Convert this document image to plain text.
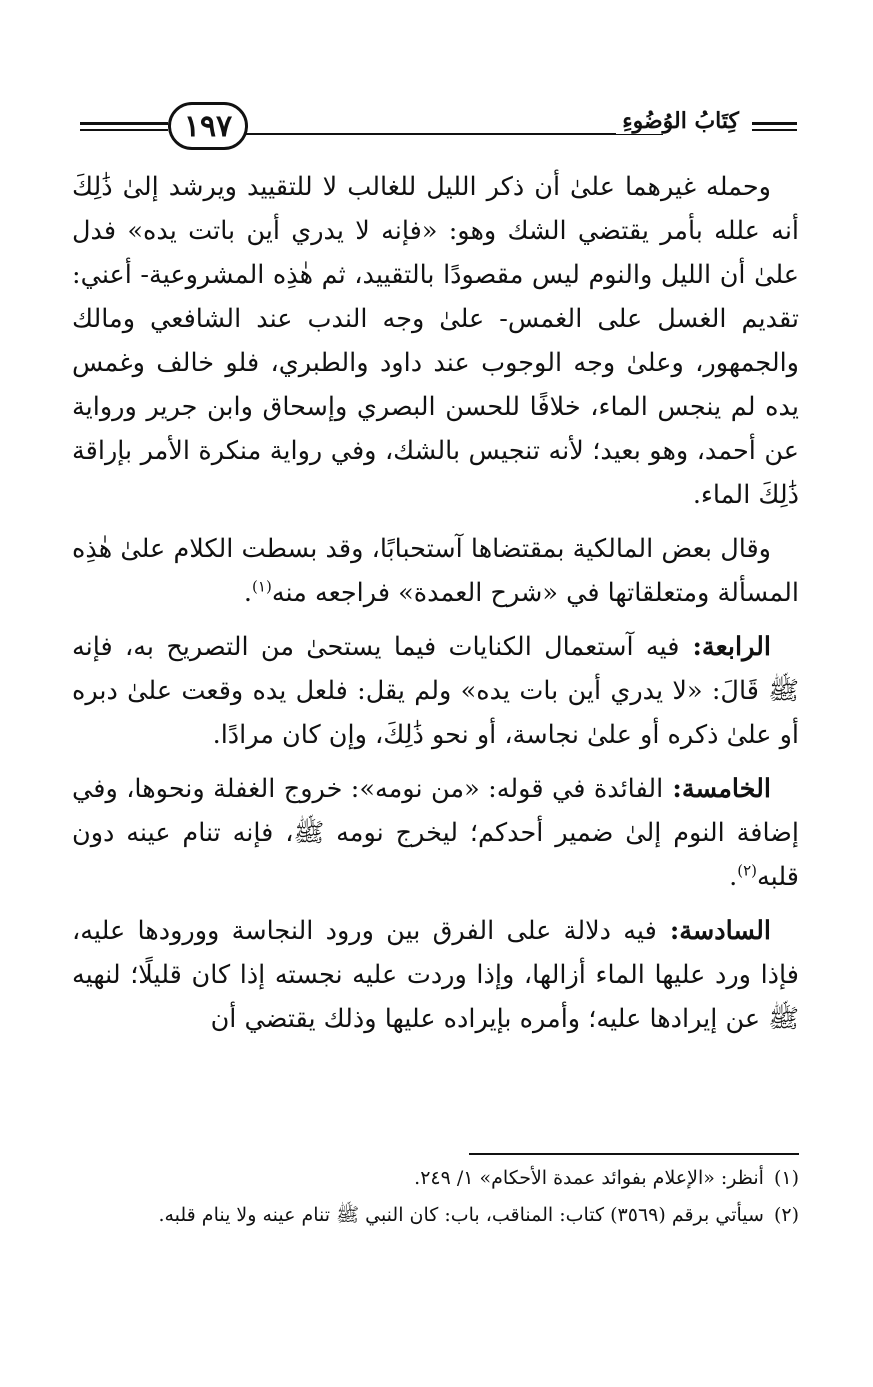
١٩٧	كِتَابُ الوُضُوءِ

وحمله غيرهما علىٰ أن ذكر الليل للغالب لا للتقييد ويرشد إلىٰ ذَٰلِكَ أنه علله بأمر يقتضي الشك وهو: «فإنه لا يدري أين باتت يده» فدل علىٰ أن الليل والنوم ليس مقصودًا بالتقييد، ثم هٰذِه المشروعية- أعني: تقديم الغسل على الغمس- علىٰ وجه الندب عند الشافعي ومالك والجمهور، وعلىٰ وجه الوجوب عند داود والطبري، فلو خالف وغمس يده لم ينجس الماء، خلافًا للحسن البصري وإسحاق وابن جرير ورواية عن أحمد، وهو بعيد؛ لأنه تنجيس بالشك، وفي رواية منكرة الأمر بإراقة ذَٰلِكَ الماء.

وقال بعض المالكية بمقتضاها آستحبابًا، وقد بسطت الكلام علىٰ هٰذِه المسألة ومتعلقاتها في «شرح العمدة» فراجعه منه$^{(١)}$.

الرابعة: فيه آستعمال الكنايات فيما يستحىٰ من التصريح به، فإنه ﷺ قَالَ: «لا يدري أين بات يده» ولم يقل: فلعل يده وقعت علىٰ دبره أو علىٰ ذكره أو علىٰ نجاسة، أو نحو ذَٰلِكَ، وإن كان مرادًا.

الخامسة: الفائدة في قوله: «من نومه»: خروج الغفلة ونحوها، وفي إضافة النوم إلىٰ ضمير أحدكم؛ ليخرج نومه ﷺ، فإنه تنام عينه دون قلبه$^{(٢)}$.

السادسة: فيه دلالة على الفرق بين ورود النجاسة وورودها عليه، فإذا ورد عليها الماء أزالها، وإذا وردت عليه نجسته إذا كان قليلًا؛ لنهيه ﷺ عن إيرادها عليه؛ وأمره بإيراده عليها وذلك يقتضي أن

(١)
أنظر: «الإعلام بفوائد عمدة الأحكام» ١/ ٢٤٩.
(٢)
سيأتي برقم (٣٥٦٩) كتاب: المناقب، باب: كان النبي ﷺ تنام عينه ولا ينام قلبه.
